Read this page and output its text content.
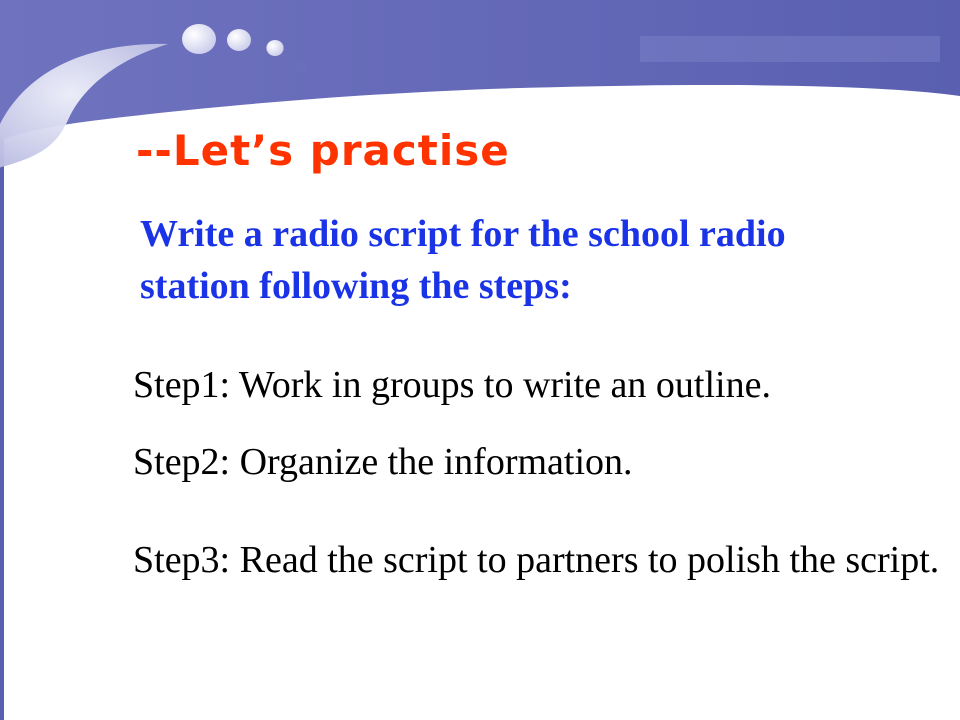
--Let’s practise

Write a radio script for the school radio station following the steps:

Step1: Work in groups to write an outline.

Step2: Organize the information.

Step3: Read the script to partners to polish the script.
